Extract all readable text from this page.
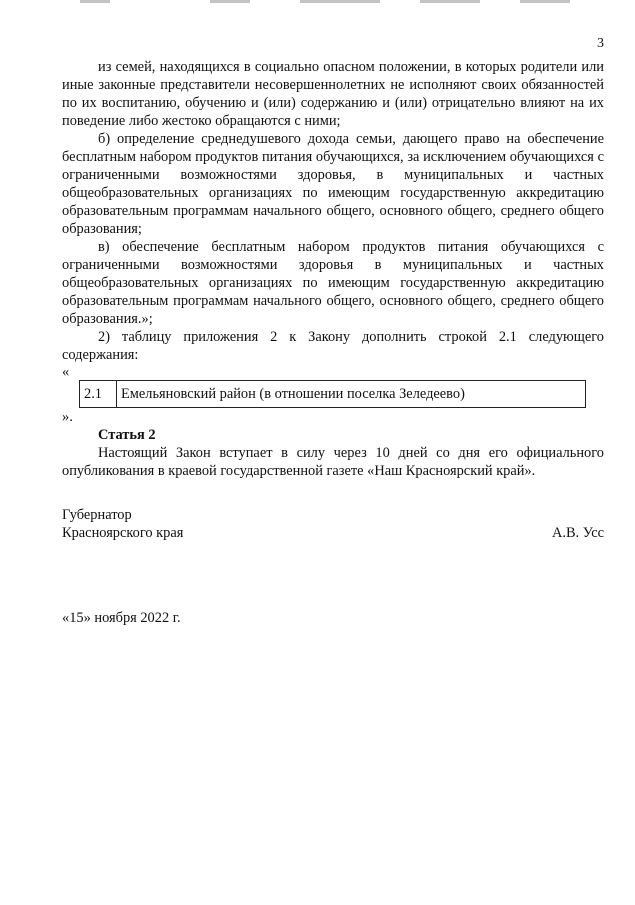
3

из семей, находящихся в социально опасном положении, в которых родители или иные законные представители несовершеннолетних не исполняют своих обязанностей по их воспитанию, обучению и (или) содержанию и (или) отрицательно влияют на их поведение либо жестоко обращаются с ними;

б) определение среднедушевого дохода семьи, дающего право на обеспечение бесплатным набором продуктов питания обучающихся, за исключением обучающихся с ограниченными возможностями здоровья, в муниципальных и частных общеобразовательных организациях по имеющим государственную аккредитацию образовательным программам начального общего, основного общего, среднего общего образования;

в) обеспечение бесплатным набором продуктов питания обучающихся с ограниченными возможностями здоровья в муниципальных и частных общеобразовательных организациях по имеющим государственную аккредитацию образовательным программам начального общего, основного общего, среднего общего образования.»;

2) таблицу приложения 2 к Закону дополнить строкой 2.1 следующего содержания:

«

2.1	Емельяновский район (в отношении поселка Зеледеево)

».

Статья 2

Настоящий Закон вступает в силу через 10 дней со дня его официального опубликования в краевой государственной газете «Наш Красноярский край».

Губернатор
Красноярского края	А.В. Усс
«15» ноября 2022 г.
